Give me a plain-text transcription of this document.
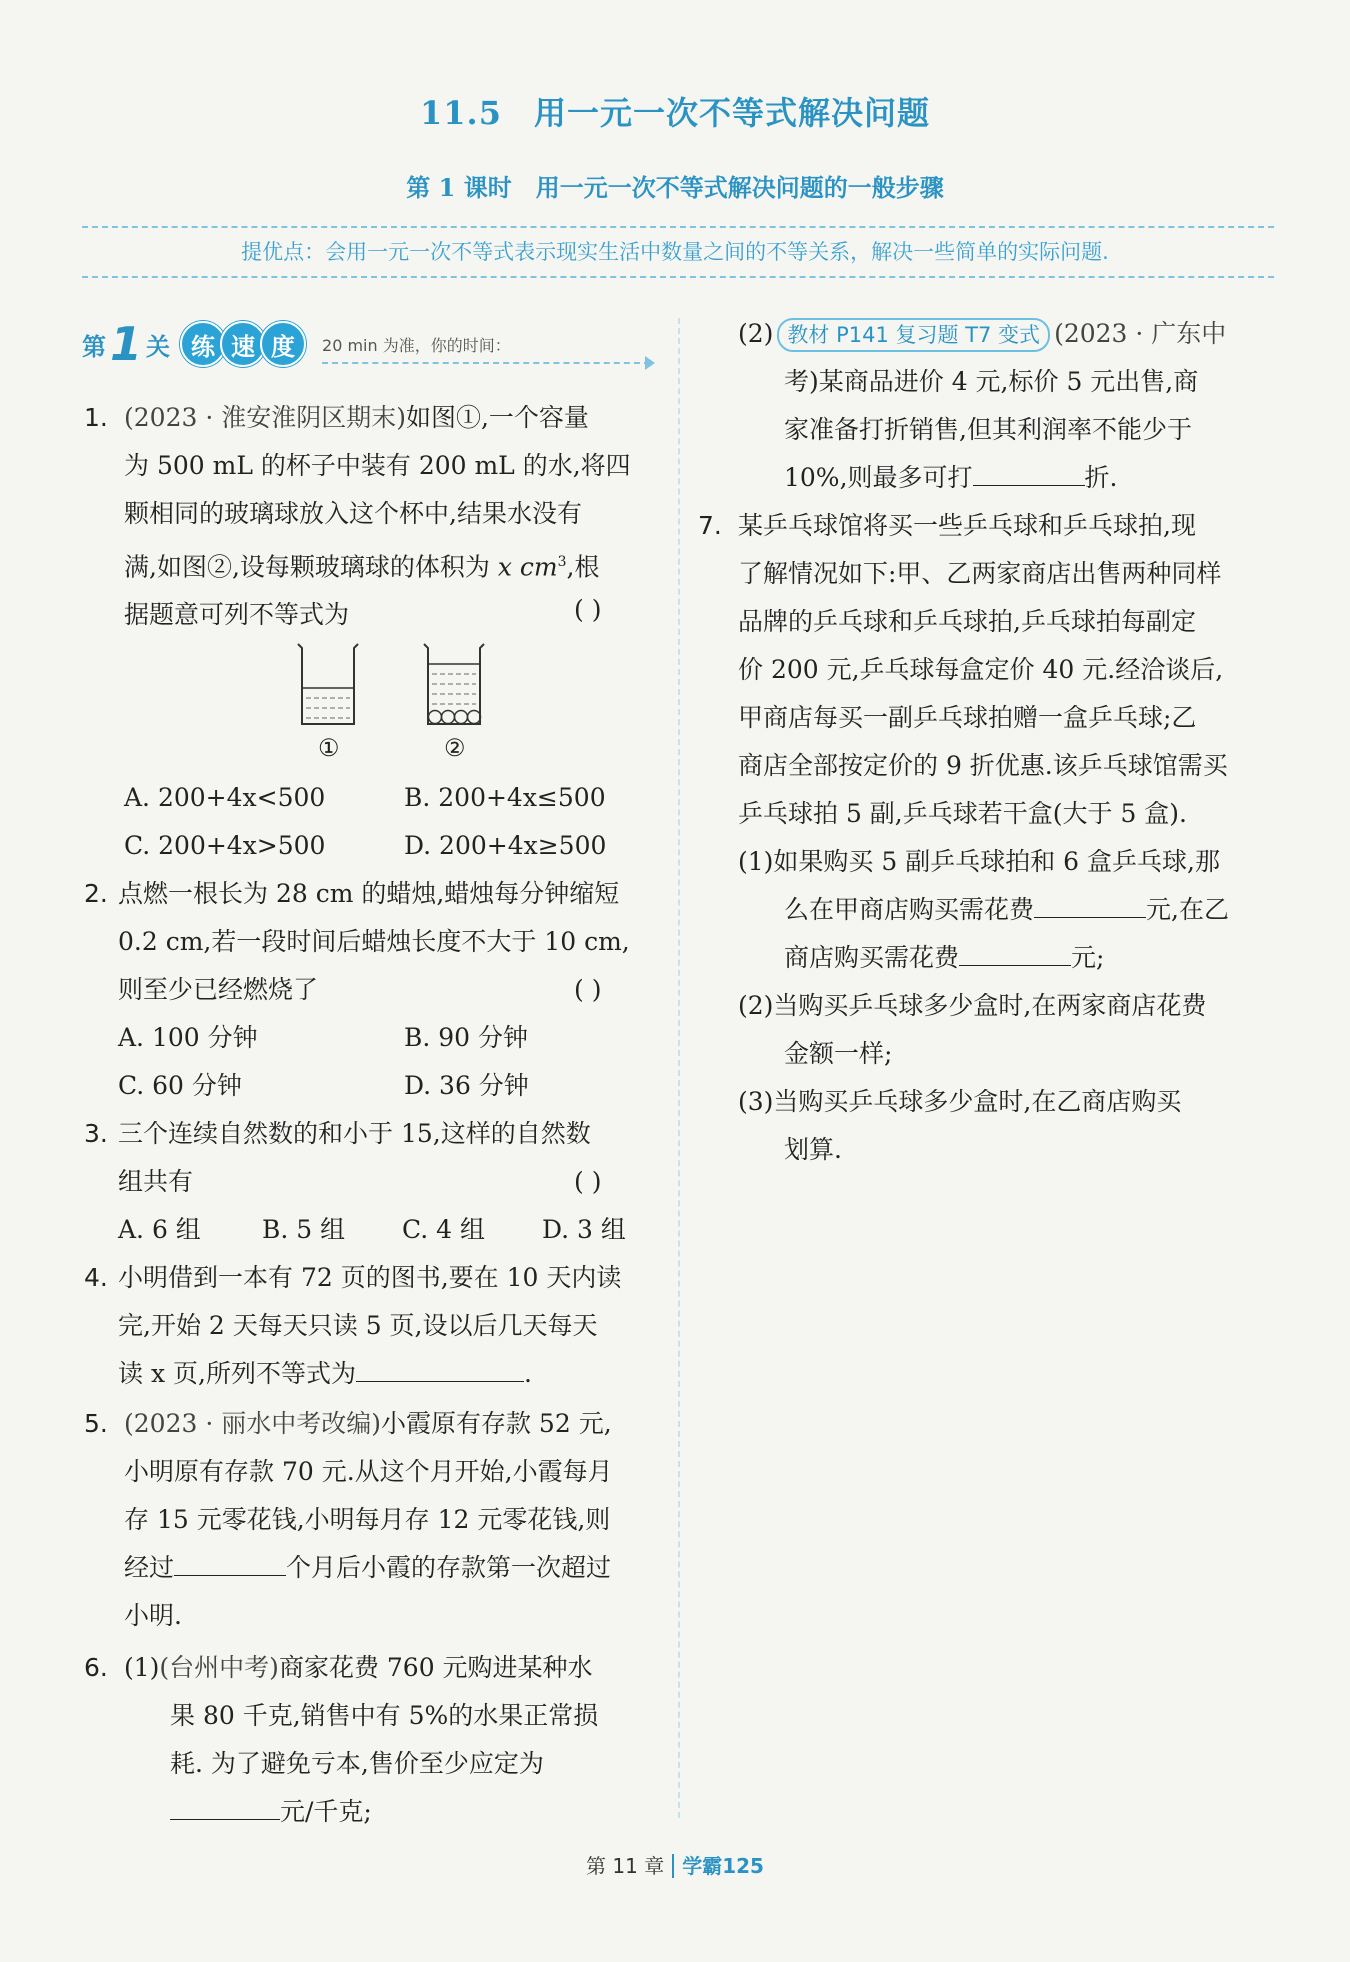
11.5 用一元一次不等式解决问题
第 1 课时 用一元一次不等式解决问题的一般步骤
提优点：会用一元一次不等式表示现实生活中数量之间的不等关系，解决一些简单的实际问题.
第 1 关 练 速 度	20 min 为准，你的时间：
1. (2023 · 淮安淮阴区期末)如图①,一个容量
为 500 mL 的杯子中装有 200 mL 的水,将四
颗相同的玻璃球放入这个杯中,结果水没有
满,如图②,设每颗玻璃球的体积为 x $cm^3$,根
据题意可列不等式为	( )
①	②
A. 200+4x<500	B. 200+4x≤500
C. 200+4x>500	D. 200+4x≥500
2. 点燃一根长为 28 cm 的蜡烛,蜡烛每分钟缩短
0.2 cm,若一段时间后蜡烛长度不大于 10 cm,
则至少已经燃烧了	( )
A. 100 分钟	B. 90 分钟
C. 60 分钟	D. 36 分钟
3. 三个连续自然数的和小于 15,这样的自然数
组共有	( )
A. 6 组 B. 5 组 C. 4 组 D. 3 组
4. 小明借到一本有 72 页的图书,要在 10 天内读
完,开始 2 天每天只读 5 页,设以后几天每天
读 x 页,所列不等式为	.
5. (2023 · 丽水中考改编)小霞原有存款 52 元,
小明原有存款 70 元.从这个月开始,小霞每月
存 15 元零花钱,小明每月存 12 元零花钱,则
经过	个月后小霞的存款第一次超过
小明.
6. (1)(台州中考)商家花费 760 元购进某种水
果 80 千克,销售中有 5%的水果正常损
耗. 为了避免亏本,售价至少应定为
元/千克;
(2) 教材 P141 复习题 T7 变式 (2023 · 广东中
考)某商品进价 4 元,标价 5 元出售,商
家准备打折销售,但其利润率不能少于
10%,则最多可打	折.
7. 某乒乓球馆将买一些乒乓球和乒乓球拍,现
了解情况如下:甲、乙两家商店出售两种同样
品牌的乒乓球和乒乓球拍,乒乓球拍每副定
价 200 元,乒乓球每盒定价 40 元.经洽谈后,
甲商店每买一副乒乓球拍赠一盒乒乓球;乙
商店全部按定价的 9 折优惠.该乒乓球馆需买
乒乓球拍 5 副,乒乓球若干盒(大于 5 盒).
(1)如果购买 5 副乒乓球拍和 6 盒乒乓球,那
么在甲商店购买需花费	元,在乙
商店购买需花费	元;
(2)当购买乒乓球多少盒时,在两家商店花费
金额一样;
(3)当购买乒乓球多少盒时,在乙商店购买
划算.
第 11 章 学霸125
